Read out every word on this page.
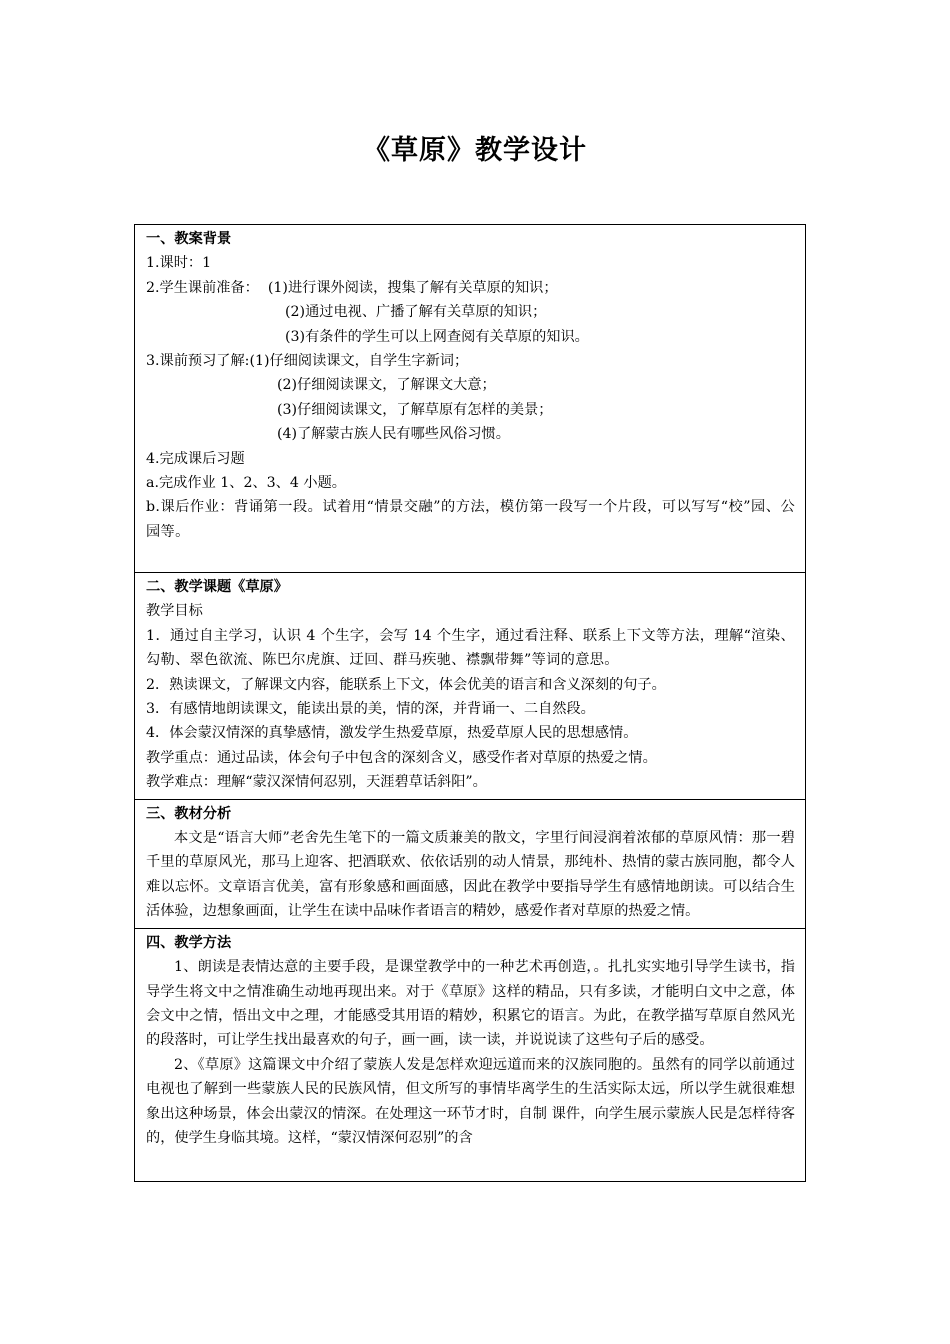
《草原》教学设计
一、教案背景
1.课时：1
2.学生课前准备：  (1)进行课外阅读，搜集了解有关草原的知识；
(2)通过电视、广播了解有关草原的知识；
(3)有条件的学生可以上网查阅有关草原的知识。
3.课前预习了解:(1)仔细阅读课文，自学生字新词；
(2)仔细阅读课文，了解课文大意；
(3)仔细阅读课文，了解草原有怎样的美景；
(4)了解蒙古族人民有哪些风俗习惯。
4.完成课后习题
a.完成作业 1、2、3、4 小题。
b.课后作业：背诵第一段。试着用“情景交融”的方法，模仿第一段写一个片段，可以写写“校”园、公园等。

二、教学课题《草原》
教学目标
1．通过自主学习，认识 4 个生字，会写 14 个生字，通过看注释、联系上下文等方法，理解“渲染、勾勒、翠色欲流、陈巴尔虎旗、迂回、群马疾驰、襟飘带舞”等词的意思。
2．熟读课文，了解课文内容，能联系上下文，体会优美的语言和含义深刻的句子。
3．有感情地朗读课文，能读出景的美，情的深，并背诵一、二自然段。
4．体会蒙汉情深的真挚感情，激发学生热爱草原，热爱草原人民的思想感情。
教学重点：通过品读，体会句子中包含的深刻含义，感受作者对草原的热爱之情。
教学难点：理解“蒙汉深情何忍别，天涯碧草话斜阳”。

三、教材分析
本文是“语言大师”老舍先生笔下的一篇文质兼美的散文，字里行间浸润着浓郁的草原风情：那一碧千里的草原风光，那马上迎客、把酒联欢、依依话别的动人情景，那纯朴、热情的蒙古族同胞，都令人难以忘怀。文章语言优美，富有形象感和画面感，因此在教学中要指导学生有感情地朗读。可以结合生活体验，边想象画面，让学生在读中品味作者语言的精妙，感爱作者对草原的热爱之情。

四、教学方法
1、朗读是表情达意的主要手段，是课堂教学中的一种艺术再创造，。扎扎实实地引导学生读书，指导学生将文中之情准确生动地再现出来。对于《草原》这样的精品，只有多读，才能明白文中之意，体会文中之情，悟出文中之理，才能感受其用语的精妙，积累它的语言。为此，在教学描写草原自然风光的段落时，可让学生找出最喜欢的句子，画一画，读一读，并说说读了这些句子后的感受。
2、《草原》这篇课文中介绍了蒙族人发是怎样欢迎远道而来的汉族同胞的。虽然有的同学以前通过电视也了解到一些蒙族人民的民族风情，但文所写的事情毕离学生的生活实际太远，所以学生就很难想象出这种场景，体会出蒙汉的情深。在处理这一环节才时，自制 课件，向学生展示蒙族人民是怎样待客的，使学生身临其境。这样，“蒙汉情深何忍别”的含
